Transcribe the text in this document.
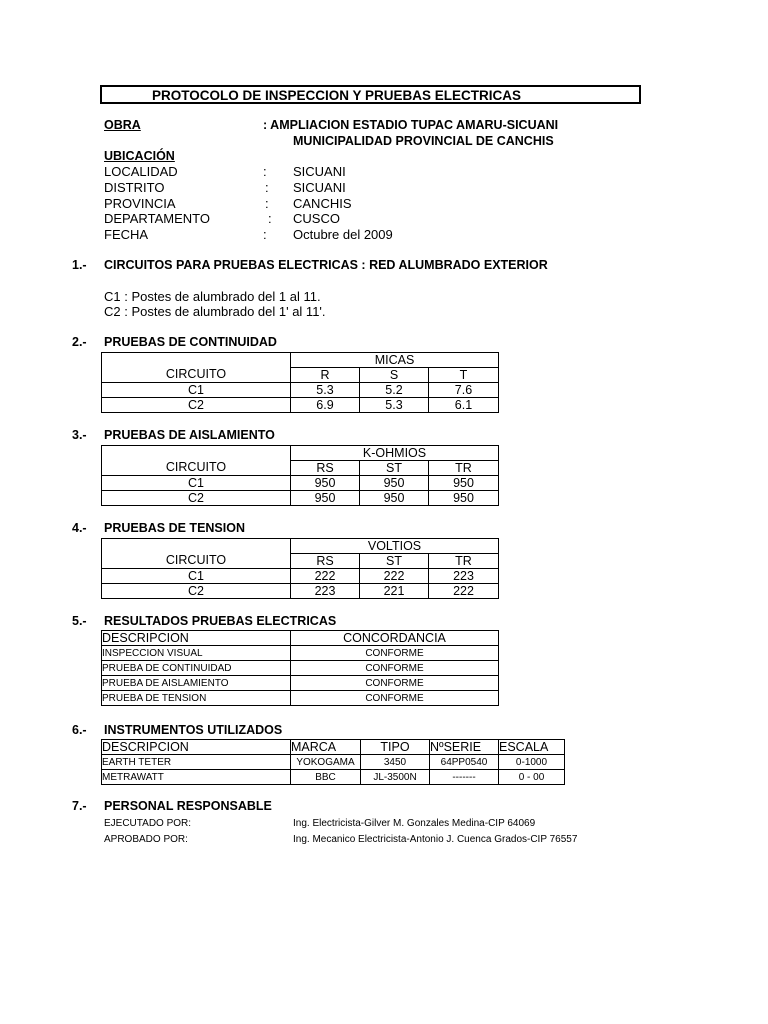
PROTOCOLO DE INSPECCION Y PRUEBAS ELECTRICAS
OBRA	: AMPLIACION ESTADIO TUPAC AMARU-SICUANI
MUNICIPALIDAD PROVINCIAL DE CANCHIS
UBICACIÓN
LOCALIDAD	: SICUANI
DISTRITO	: SICUANI
PROVINCIA	: CANCHIS
DEPARTAMENTO	: CUSCO
FECHA	: Octubre del 2009
1.- CIRCUITOS PARA PRUEBAS ELECTRICAS : RED ALUMBRADO EXTERIOR
C1 : Postes de alumbrado del 1 al 11.
C2 : Postes de alumbrado del 1' al 11'.
2.- PRUEBAS DE CONTINUIDAD
	MICAS		
CIRCUITO	R	S	T
C1	5.3	5.2	7.6
C2	6.9	5.3	6.1
3.- PRUEBAS DE AISLAMIENTO
	K-OHMIOS		
CIRCUITO	RS	ST	TR
C1	950	950	950
C2	950	950	950
4.- PRUEBAS DE TENSION
	VOLTIOS		
CIRCUITO	RS	ST	TR
C1	222	222	223
C2	223	221	222
5.- RESULTADOS PRUEBAS ELECTRICAS
DESCRIPCION	CONCORDANCIA
INSPECCION VISUAL	CONFORME
PRUEBA DE CONTINUIDAD	CONFORME
PRUEBA DE AISLAMIENTO	CONFORME
PRUEBA DE TENSION	CONFORME
6.- INSTRUMENTOS UTILIZADOS
DESCRIPCION	MARCA	TIPO	NºSERIE	ESCALA
EARTH TETER	YOKOGAMA	3450	64PP0540	0-1000
METRAWATT	BBC	JL-3500N	-------	0 - 00
7.- PERSONAL RESPONSABLE
EJECUTADO POR:	Ing. Electricista-Gilver M. Gonzales Medina-CIP 64069
APROBADO POR:	Ing. Mecanico Electricista-Antonio J. Cuenca Grados-CIP 76557
